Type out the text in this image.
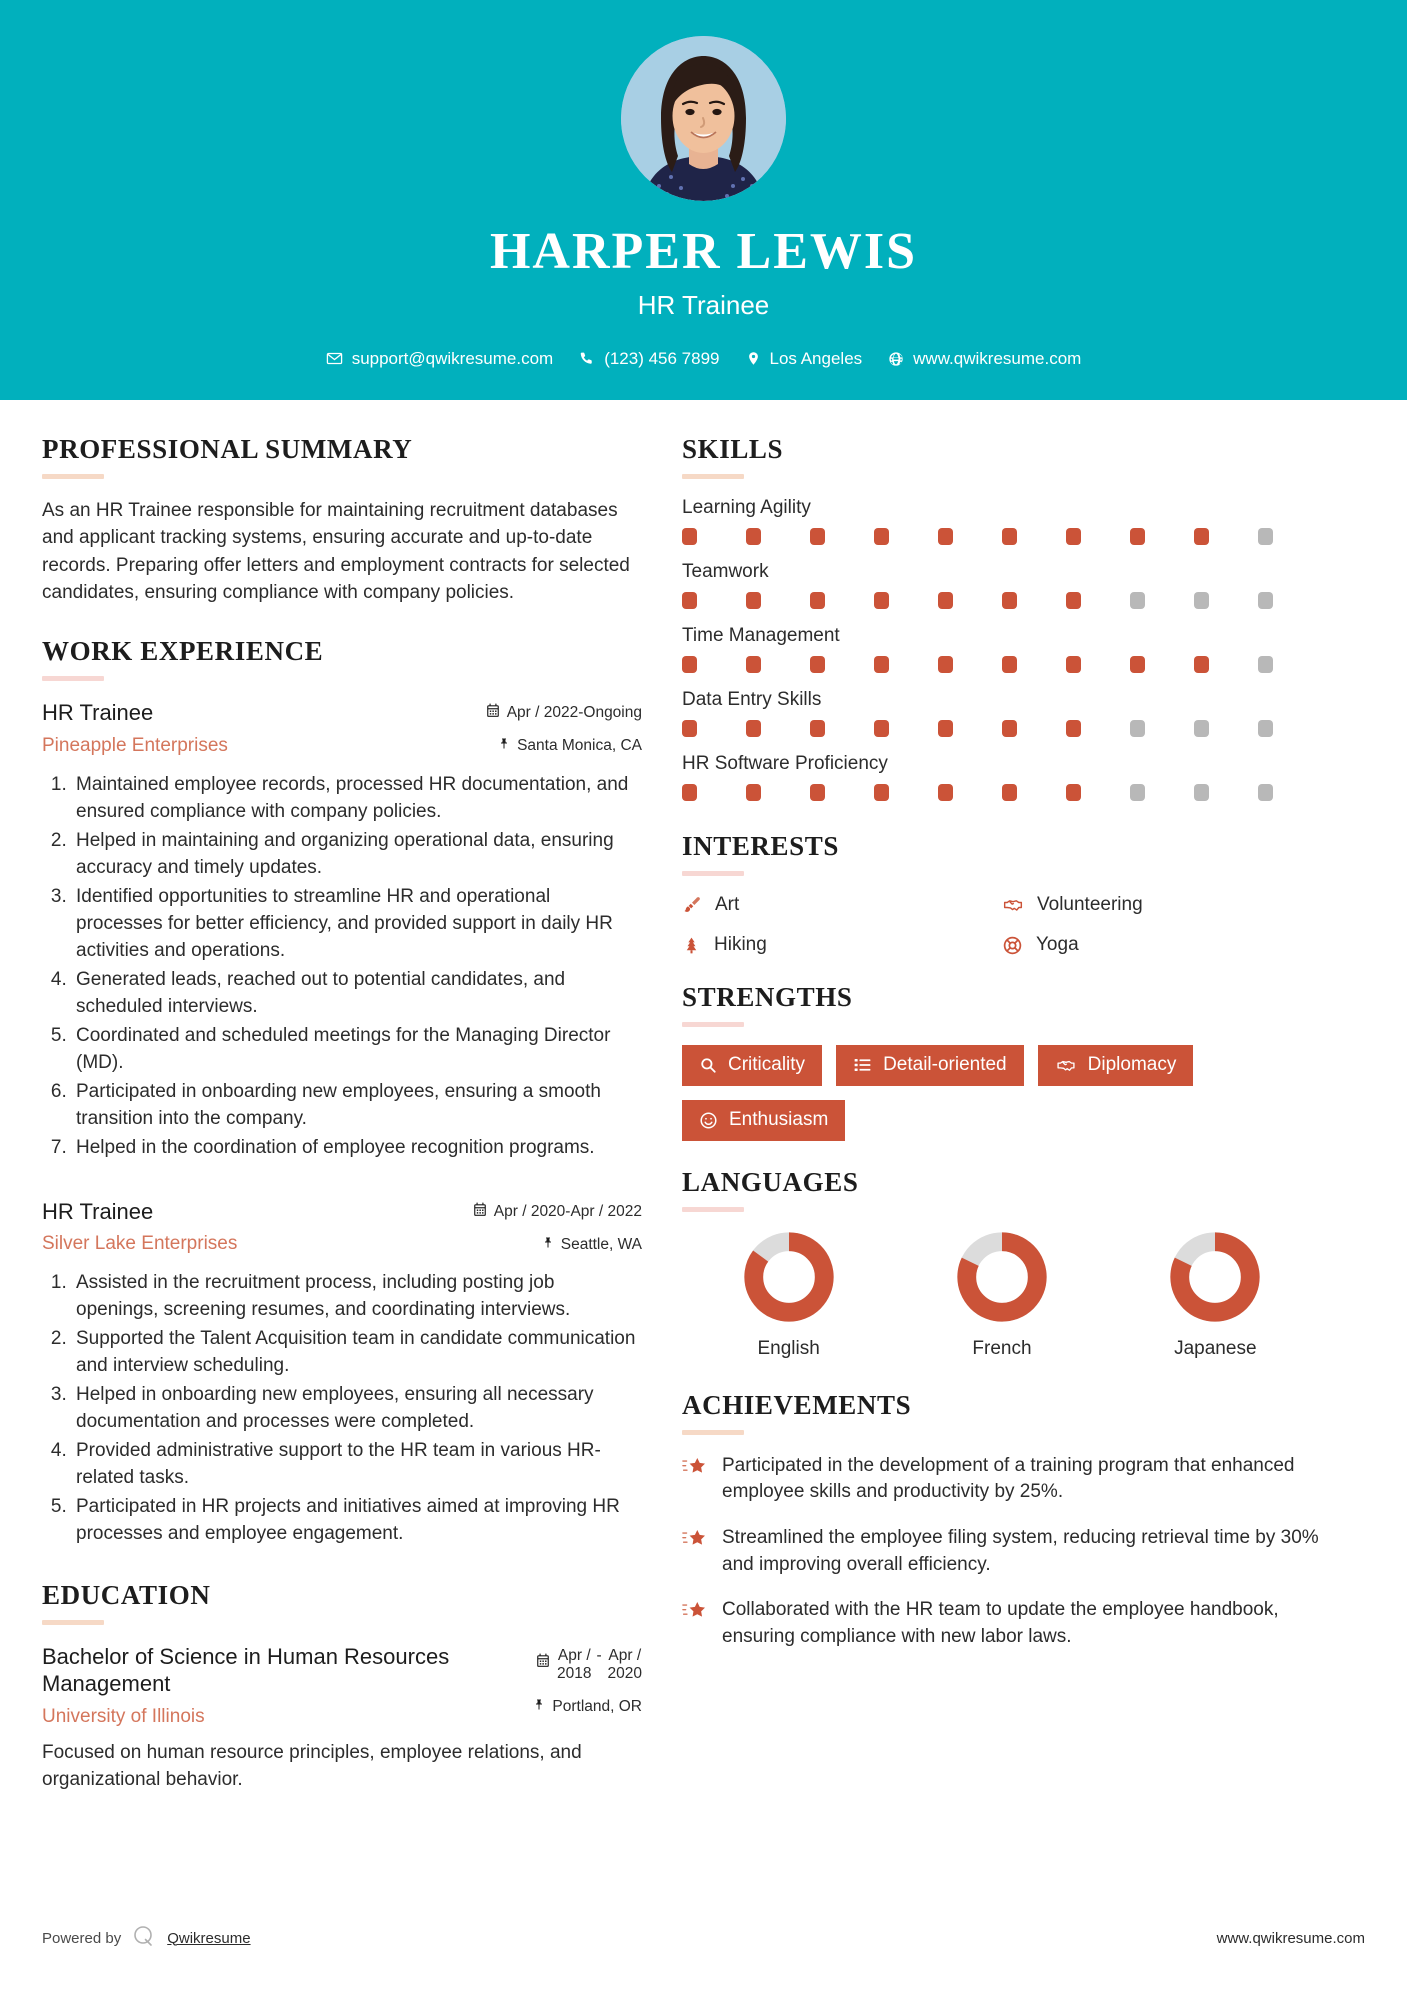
HARPER LEWIS
HR Trainee
support@qwikresume.com	(123) 456 7899	Los Angeles	www.qwikresume.com
PROFESSIONAL SUMMARY
As an HR Trainee responsible for maintaining recruitment databases and applicant tracking systems, ensuring accurate and up-to-date records. Preparing offer letters and employment contracts for selected candidates, ensuring compliance with company policies.
WORK EXPERIENCE
HR Trainee
Pineapple Enterprises
Apr / 2022-Ongoing
Santa Monica, CA
1. Maintained employee records, processed HR documentation, and ensured compliance with company policies.
2. Helped in maintaining and organizing operational data, ensuring accuracy and timely updates.
3. Identified opportunities to streamline HR and operational processes for better efficiency, and provided support in daily HR activities and operations.
4. Generated leads, reached out to potential candidates, and scheduled interviews.
5. Coordinated and scheduled meetings for the Managing Director (MD).
6. Participated in onboarding new employees, ensuring a smooth transition into the company.
7. Helped in the coordination of employee recognition programs.
HR Trainee
Silver Lake Enterprises
Apr / 2020-Apr / 2022
Seattle, WA
1. Assisted in the recruitment process, including posting job openings, screening resumes, and coordinating interviews.
2. Supported the Talent Acquisition team in candidate communication and interview scheduling.
3. Helped in onboarding new employees, ensuring all necessary documentation and processes were completed.
4. Provided administrative support to the HR team in various HR-related tasks.
5. Participated in HR projects and initiatives aimed at improving HR processes and employee engagement.
EDUCATION
Bachelor of Science in Human Resources Management
University of Illinois
Apr /
2018
- Apr /
2020
Portland, OR
Focused on human resource principles, employee relations, and organizational behavior.
SKILLS
Learning Agility
Teamwork
Time Management
Data Entry Skills
HR Software Proficiency
INTERESTS
Art	Volunteering
Hiking	Yoga
STRENGTHS
Criticality	Detail-oriented	Diplomacy
Enthusiasm
LANGUAGES
English	French	Japanese
ACHIEVEMENTS
Participated in the development of a training program that enhanced employee skills and productivity by 25%.
Streamlined the employee filing system, reducing retrieval time by 30% and improving overall efficiency.
Collaborated with the HR team to update the employee handbook, ensuring compliance with new labor laws.
Powered by	Qwikresume	www.qwikresume.com
